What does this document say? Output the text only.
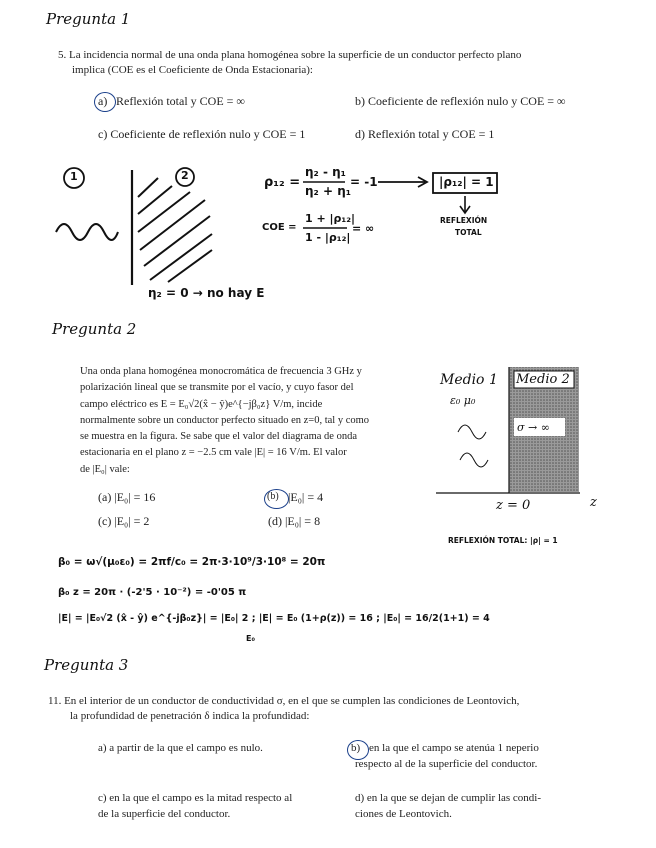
Pregunta 1
5. La incidencia normal de una onda plana homogénea sobre la superficie de un conductor perfecto plano
implica (COE es el Coeficiente de Onda Estacionaria):
a) Reflexión total y COE = ∞	b) Coeficiente de reflexión nulo y COE = ∞
c) Coeficiente de reflexión nulo y COE = 1	d) Reflexión total y COE = 1
1	2	ρ₁₂ =
η₂ - η₁
η₂ + η₁
= -1	|ρ₁₂| = 1
REFLEXIÓN
TOTAL
COE =
1 + |ρ₁₂|
1 - |ρ₁₂|
= ∞
η₂ = 0 → no hay E
Pregunta 2
Una onda plana homogénea monocromática de frecuencia 3 GHz y
polarización lineal que se transmite por el vacío, y cuyo fasor del
campo eléctrico es E = E₀√2(x̂ − ŷ)e^{−jβ₀z} V/m, incide
normalmente sobre un conductor perfecto situado en z=0, tal y como
se muestra en la figura. Se sabe que el valor del diagrama de onda
estacionaria en el plano z = −2.5 cm vale |E| = 16 V/m. El valor
de |E₀| vale:
(a) |E₀| = 16	(b) |E₀| = 4
(c) |E₀| = 2	(d) |E₀| = 8
Medio 1
ε₀ μ₀
Medio 2
σ → ∞
z = 0	z
REFLEXIÓN TOTAL: |ρ| = 1
β₀ = ω√(μ₀ε₀) = 2πf/c₀ = 2π·3·10⁹/3·10⁸ = 20π
β₀ z = 20π · (-2'5 · 10⁻²) = -0'05 π
|E| = |E₀√2 (x̂ - ŷ) e^{-jβ₀z}| = |E₀| 2 ; |E| = E₀ (1+ρ(z)) = 16 ; |E₀| = 16/2(1+1) = 4
E₀
Pregunta 3
11. En el interior de un conductor de conductividad σ, en el que se cumplen las condiciones de Leontovich,
la profundidad de penetración δ indica la profundidad:
a) a partir de la que el campo es nulo.	b) en la que el campo se atenúa 1 neperio
respecto al de la superficie del conductor.
c) en la que el campo es la mitad respecto al
de la superficie del conductor.
d) en la que se dejan de cumplir las condi-
ciones de Leontovich.
